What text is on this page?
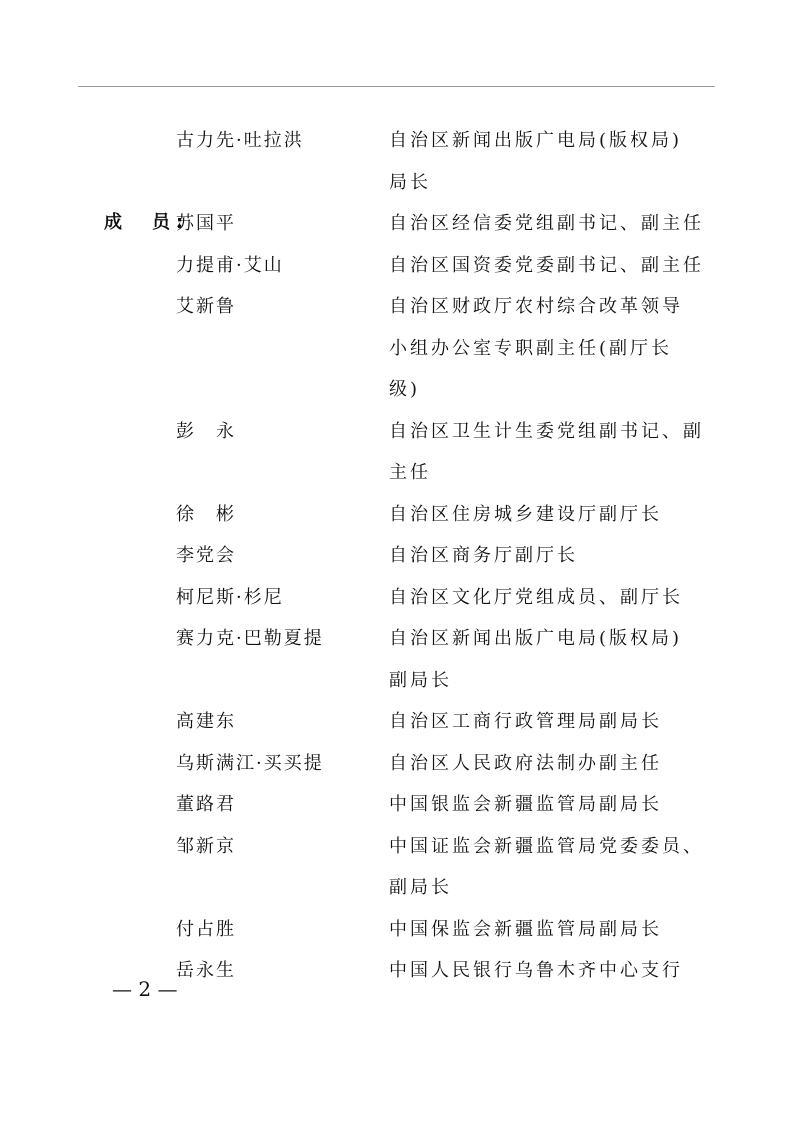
古力先·吐拉洪	自治区新闻出版广电局(版权局)
局长
成　员:
苏国平	自治区经信委党组副书记、副主任
力提甫·艾山	自治区国资委党委副书记、副主任
艾新鲁	自治区财政厅农村综合改革领导
小组办公室专职副主任(副厅长
级)
彭　永	自治区卫生计生委党组副书记、副
主任
徐　彬	自治区住房城乡建设厅副厅长
李党会	自治区商务厅副厅长
柯尼斯·杉尼	自治区文化厅党组成员、副厅长
赛力克·巴勒夏提	自治区新闻出版广电局(版权局)
副局长
高建东	自治区工商行政管理局副局长
乌斯满江·买买提	自治区人民政府法制办副主任
董路君	中国银监会新疆监管局副局长
邹新京	中国证监会新疆监管局党委委员、
副局长
付占胜	中国保监会新疆监管局副局长
岳永生	中国人民银行乌鲁木齐中心支行
— 2 —
